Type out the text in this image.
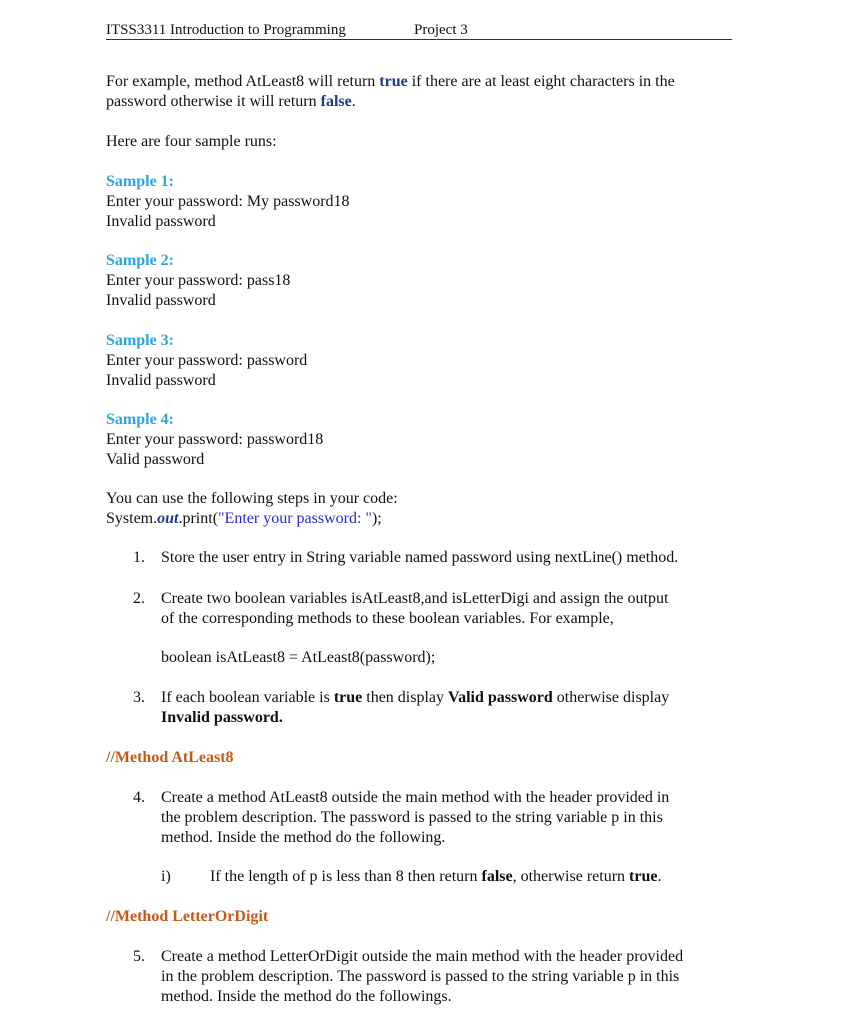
ITSS3311 Introduction to Programming	Project 3
For example, method AtLeast8 will return true if there are at least eight characters in the
password otherwise it will return false.
Here are four sample runs:
Sample 1:
Enter your password: My password18
Invalid password
Sample 2:
Enter your password: pass18
Invalid password
Sample 3:
Enter your password: password
Invalid password
Sample 4:
Enter your password: password18
Valid password
You can use the following steps in your code:
System.out.print("Enter your password: ");
1. Store the user entry in String variable named password using nextLine() method.
2. Create two boolean variables isAtLeast8,and isLetterDigi and assign the output
of the corresponding methods to these boolean variables. For example,
boolean isAtLeast8 = AtLeast8(password);
3. If each boolean variable is true then display Valid password otherwise display
Invalid password.
//Method AtLeast8
4. Create a method AtLeast8 outside the main method with the header provided in
the problem description. The password is passed to the string variable p in this
method. Inside the method do the following.
i) If the length of p is less than 8 then return false, otherwise return true.
//Method LetterOrDigit
5. Create a method LetterOrDigit outside the main method with the header provided
in the problem description. The password is passed to the string variable p in this
method. Inside the method do the followings.
